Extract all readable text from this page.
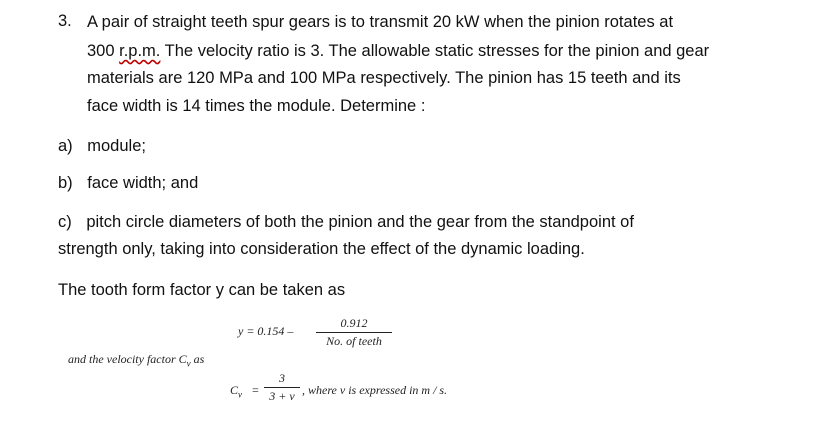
3. A pair of straight teeth spur gears is to transmit 20 kW when the pinion rotates at
300 r.p.m. The velocity ratio is 3. The allowable static stresses for the pinion and gear
materials are 120 MPa and 100 MPa respectively. The pinion has 15 teeth and its
face width is 14 times the module. Determine :
a) module;
b) face width; and
c) pitch circle diameters of both the pinion and the gear from the standpoint of
strength only, taking into consideration the effect of the dynamic loading.
The tooth form factor y can be taken as
y = 0.154 –
0.912
No. of teeth
and the velocity factor $C_v$ as
$C_v$ =
3
3 + v , where v is expressed in m / s.
